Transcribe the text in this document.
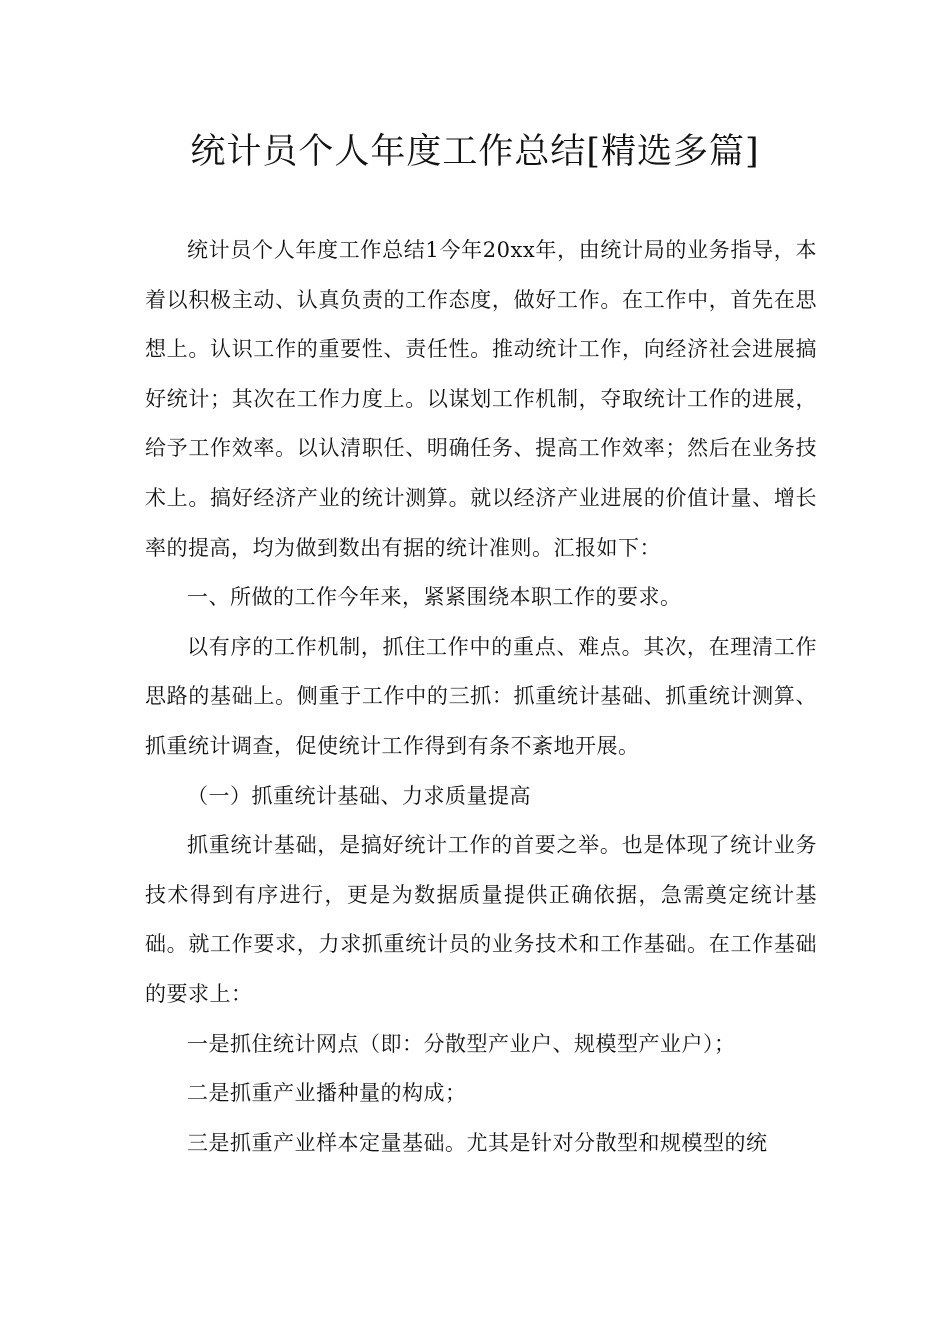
统计员个人年度工作总结[精选多篇]

统计员个人年度工作总结1今年20xx年，由统计局的业务指导，本着以积极主动、认真负责的工作态度，做好工作。在工作中，首先在思想上。认识工作的重要性、责任性。推动统计工作，向经济社会进展搞好统计；其次在工作力度上。以谋划工作机制，夺取统计工作的进展，给予工作效率。以认清职任、明确任务、提高工作效率；然后在业务技术上。搞好经济产业的统计测算。就以经济产业进展的价值计量、增长率的提高，均为做到数出有据的统计准则。汇报如下：

一、所做的工作今年来，紧紧围绕本职工作的要求。

以有序的工作机制，抓住工作中的重点、难点。其次，在理清工作思路的基础上。侧重于工作中的三抓：抓重统计基础、抓重统计测算、抓重统计调查，促使统计工作得到有条不紊地开展。

（一）抓重统计基础、力求质量提高

抓重统计基础，是搞好统计工作的首要之举。也是体现了统计业务技术得到有序进行，更是为数据质量提供正确依据，急需奠定统计基础。就工作要求，力求抓重统计员的业务技术和工作基础。在工作基础的要求上：

一是抓住统计网点（即：分散型产业户、规模型产业户）；

二是抓重产业播种量的构成；

三是抓重产业样本定量基础。尤其是针对分散型和规模型的统
